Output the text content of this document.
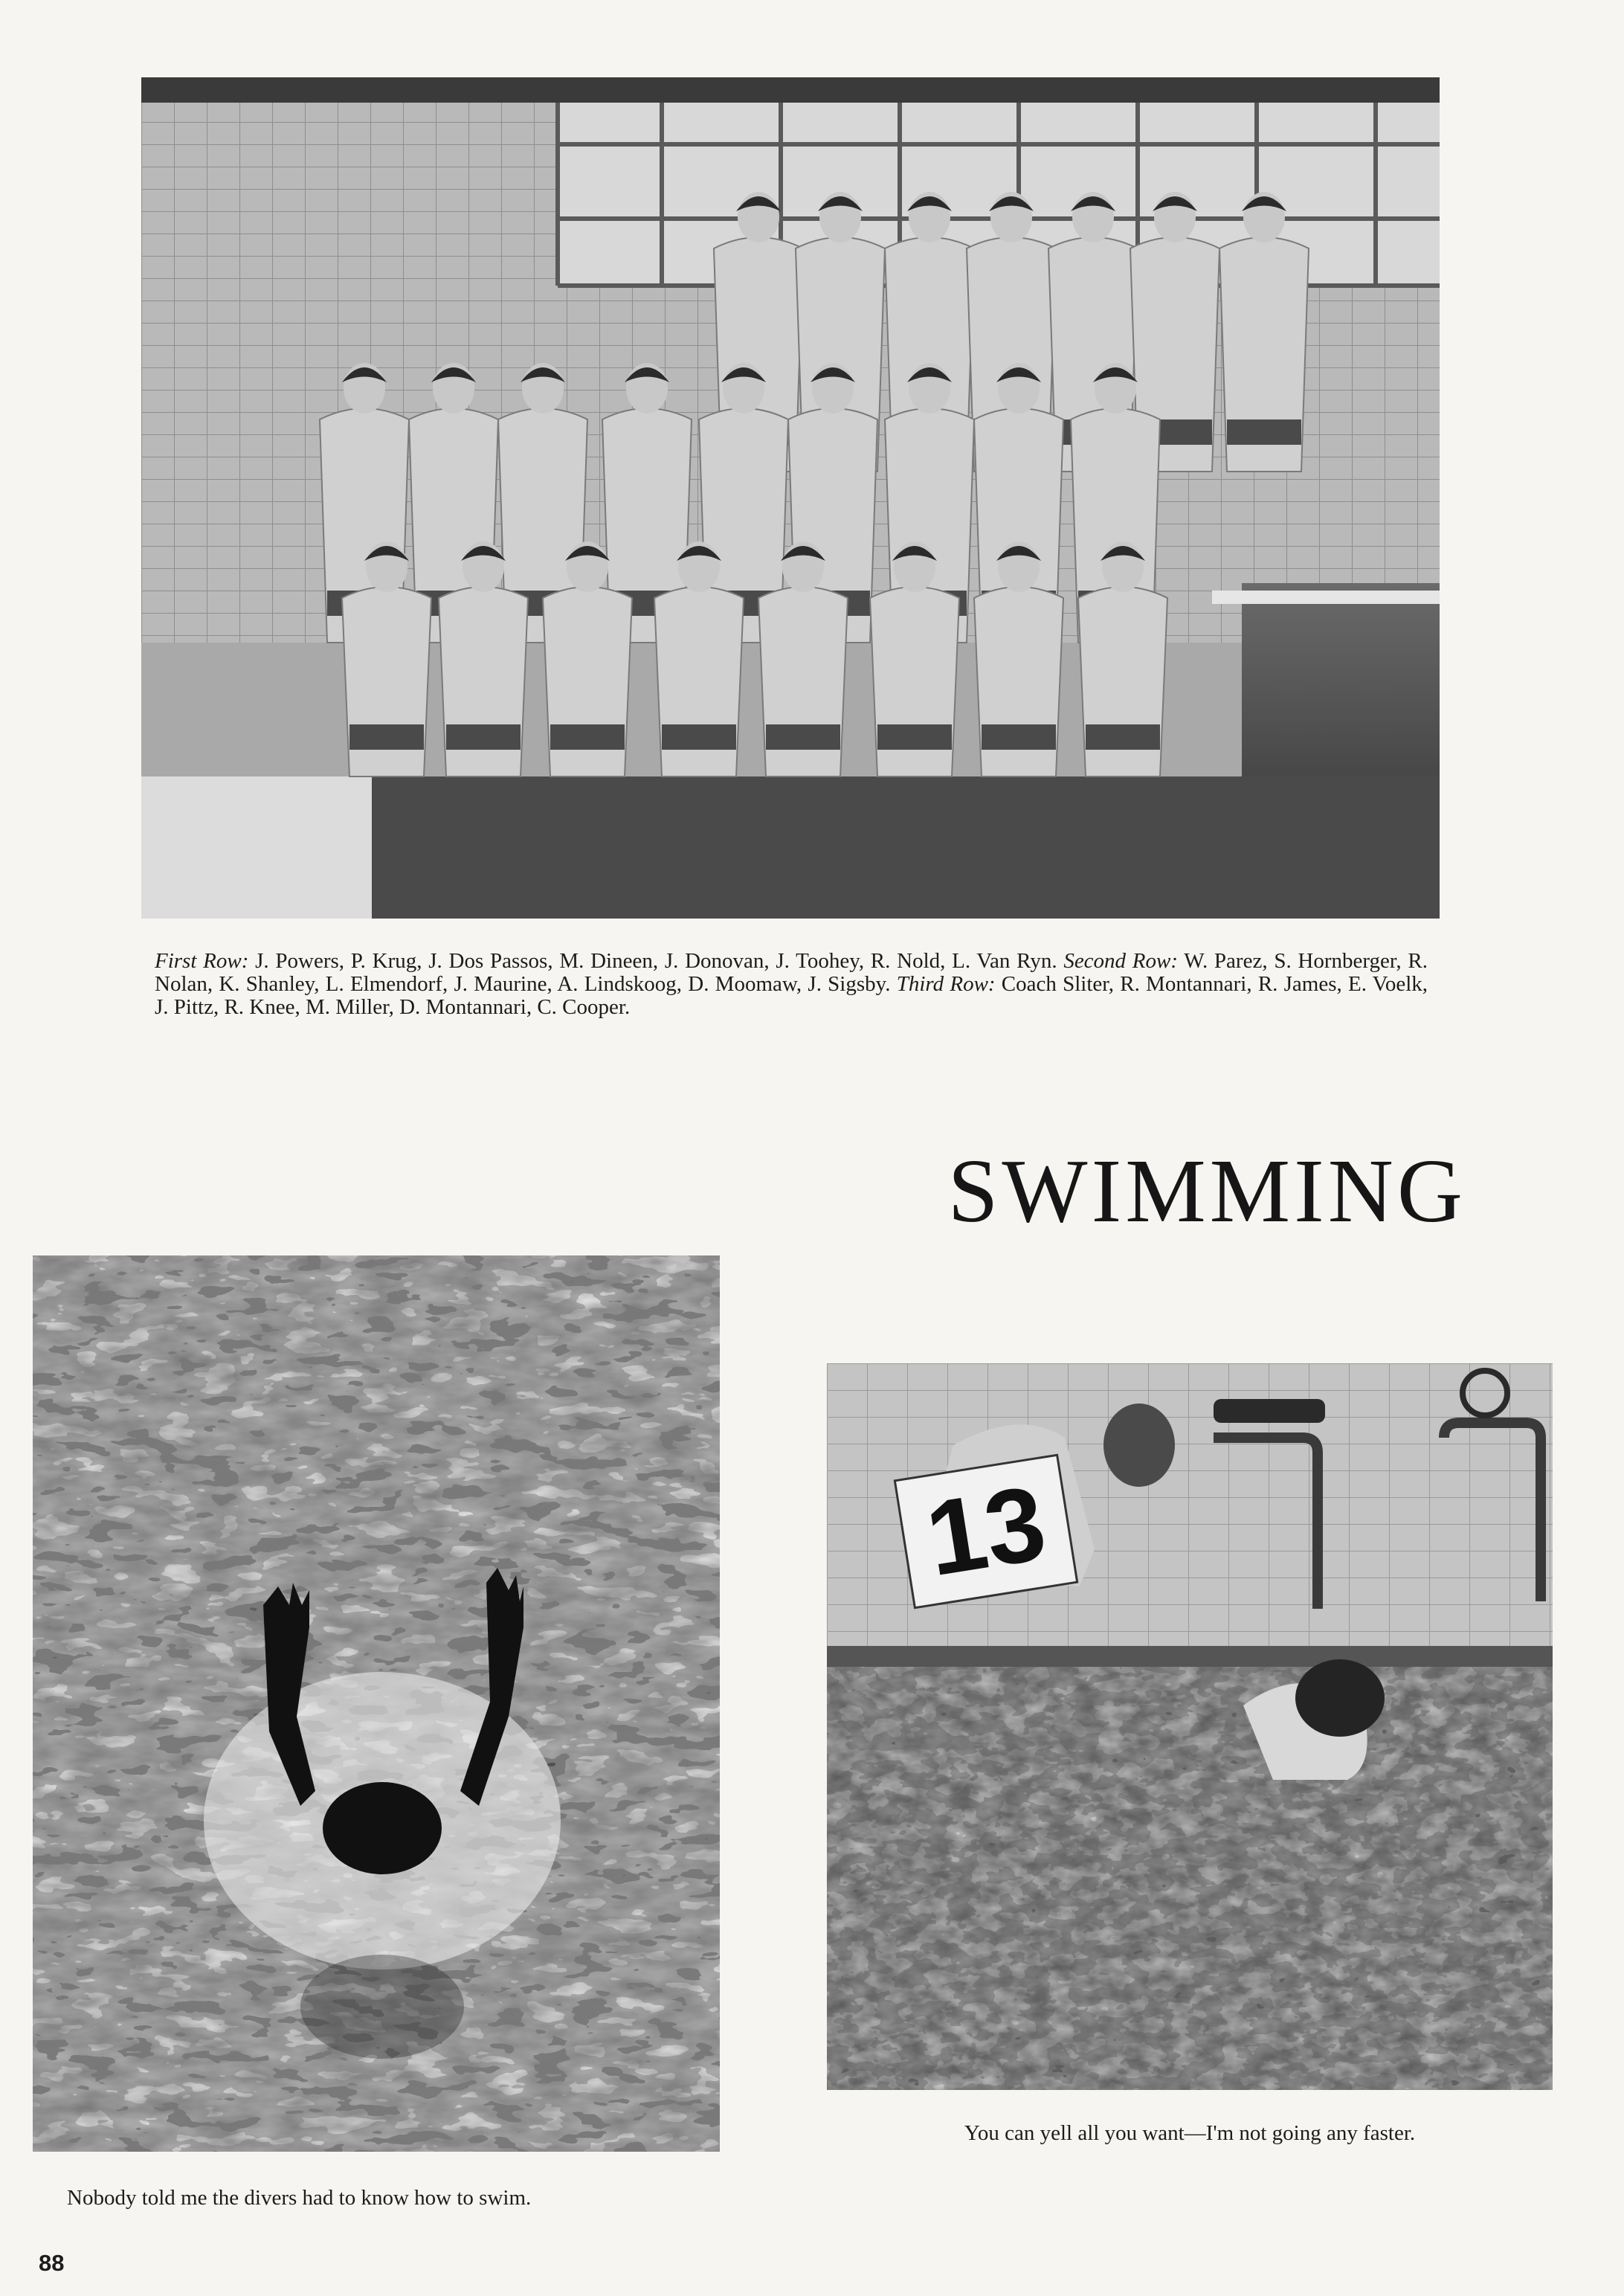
First Row: J. Powers, P. Krug, J. Dos Passos, M. Dineen, J. Donovan, J. Toohey, R. Nold, L. Van Ryn. Second Row: W. Parez, S. Hornberger, R. Nolan, K. Shanley, L. Elmendorf, J. Maurine, A. Lindskoog, D. Moomaw, J. Sigsby. Third Row: Coach Sliter, R. Montannari, R. James, E. Voelk, J. Pittz, R. Knee, M. Miller, D. Montannari, C. Cooper.
SWIMMING
Nobody told me the divers had to know how to swim.
13
You can yell all you want—I'm not going any faster.
88
